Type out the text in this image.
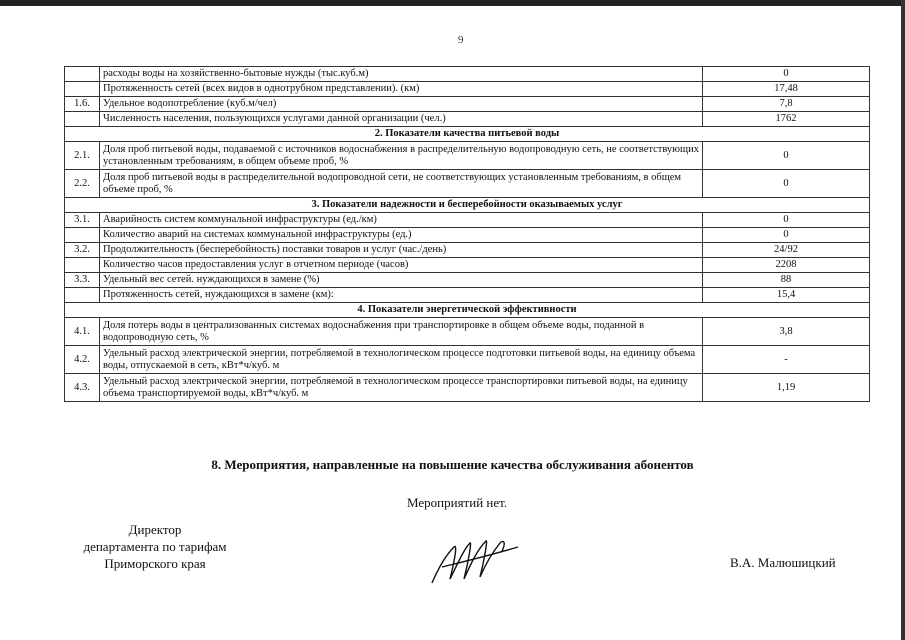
9
	расходы воды на хозяйственно-бытовые нужды (тыс.куб.м)	0
	Протяженность сетей (всех видов в однотрубном представлении). (км)	17,48
1.6.	Удельное водопотребление (куб.м/чел)	7,8
	Численность населения, пользующихся услугами данной организации (чел.)	1762
2. Показатели качества питьевой воды		
2.1.	Доля проб питьевой воды, подаваемой с источников водоснабжения в распределительную водопроводную сеть, не соответствующих установленным требованиям, в общем объеме проб, %	0
2.2.	Доля проб питьевой воды в распределительной водопроводной сети, не соответствующих установленным требованиям, в общем объеме проб, %	0
3. Показатели надежности и бесперебойности оказываемых услуг		
3.1.	Аварийность систем коммунальной инфраструктуры (ед./км)	0
	Количество аварий на системах коммунальной инфраструктуры (ед.)	0
3.2.	Продолжительность (бесперебойность) поставки товаров и услуг (час./день)	24/92
	Количество часов предоставления услуг в отчетном периоде (часов)	2208
3.3.	Удельный вес сетей. нуждающихся в замене (%)	88
	Протяженность сетей, нуждающихся в замене (км):	15,4
4. Показатели энергетической эффективности		
4.1.	Доля потерь воды в централизованных системах водоснабжения при транспортировке в общем объеме воды, поданной в водопроводную сеть, %	3,8
4.2.	Удельный расход электрической энергии, потребляемой в технологическом процессе подготовки питьевой воды, на единицу объема воды, отпускаемой в сеть, кВт*ч/куб. м	-
4.3.	Удельный расход электрической энергии, потребляемой в технологическом процессе транспортировки питьевой воды, на единицу объема транспортируемой воды, кВт*ч/куб. м	1,19
8. Мероприятия, направленные на повышение качества обслуживания абонентов
Мероприятий нет.
Директор
департамента по тарифам
Приморского края	В.А. Малюшицкий
